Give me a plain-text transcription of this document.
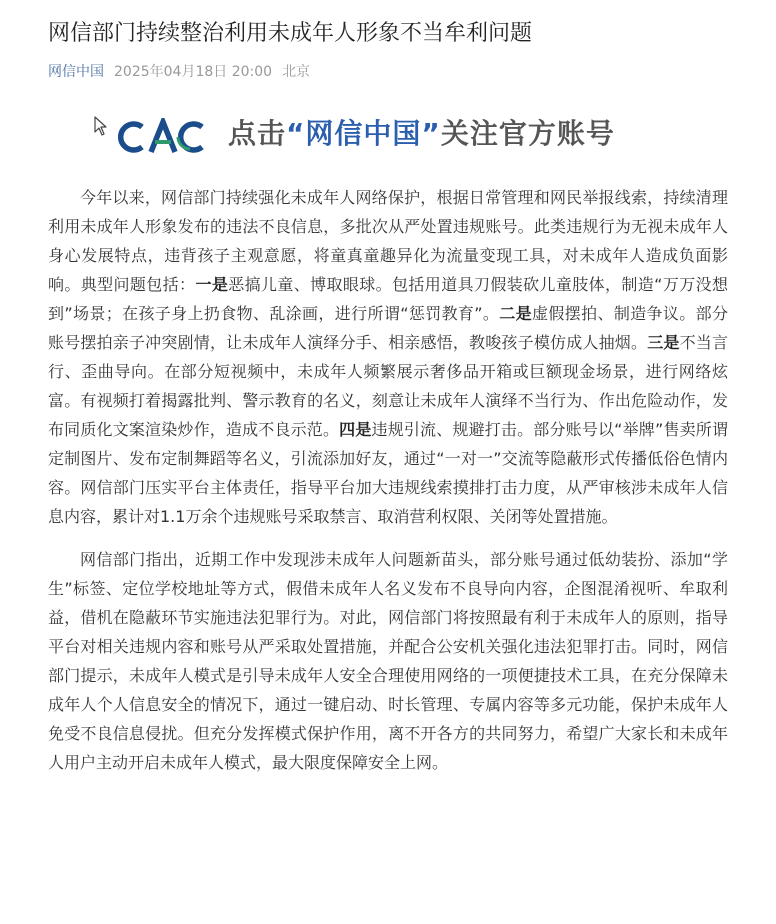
网信部门持续整治利用未成年人形象不当牟利问题
网信中国 2025年04月18日 20:00 北京
点击“网信中国”关注官方账号

今年以来，网信部门持续强化未成年人网络保护，根据日常管理和网民举报线索，持续清理利用未成年人形象发布的违法不良信息，多批次从严处置违规账号。此类违规行为无视未成年人身心发展特点，违背孩子主观意愿，将童真童趣异化为流量变现工具，对未成年人造成负面影响。典型问题包括：一是恶搞儿童、博取眼球。包括用道具刀假装砍儿童肢体，制造“万万没想到”场景；在孩子身上扔食物、乱涂画，进行所谓“惩罚教育”。二是虚假摆拍、制造争议。部分账号摆拍亲子冲突剧情，让未成年人演绎分手、相亲感悟，教唆孩子模仿成人抽烟。三是不当言行、歪曲导向。在部分短视频中，未成年人频繁展示奢侈品开箱或巨额现金场景，进行网络炫富。有视频打着揭露批判、警示教育的名义，刻意让未成年人演绎不当行为、作出危险动作，发布同质化文案渲染炒作，造成不良示范。四是违规引流、规避打击。部分账号以“举牌”售卖所谓定制图片、发布定制舞蹈等名义，引流添加好友，通过“一对一”交流等隐蔽形式传播低俗色情内容。网信部门压实平台主体责任，指导平台加大违规线索摸排打击力度，从严审核涉未成年人信息内容，累计对1.1万余个违规账号采取禁言、取消营利权限、关闭等处置措施。

网信部门指出，近期工作中发现涉未成年人问题新苗头，部分账号通过低幼装扮、添加“学生”标签、定位学校地址等方式，假借未成年人名义发布不良导向内容，企图混淆视听、牟取利益，借机在隐蔽环节实施违法犯罪行为。对此，网信部门将按照最有利于未成年人的原则，指导平台对相关违规内容和账号从严采取处置措施，并配合公安机关强化违法犯罪打击。同时，网信部门提示，未成年人模式是引导未成年人安全合理使用网络的一项便捷技术工具，在充分保障未成年人个人信息安全的情况下，通过一键启动、时长管理、专属内容等多元功能，保护未成年人免受不良信息侵扰。但充分发挥模式保护作用，离不开各方的共同努力，希望广大家长和未成年人用户主动开启未成年人模式，最大限度保障安全上网。
